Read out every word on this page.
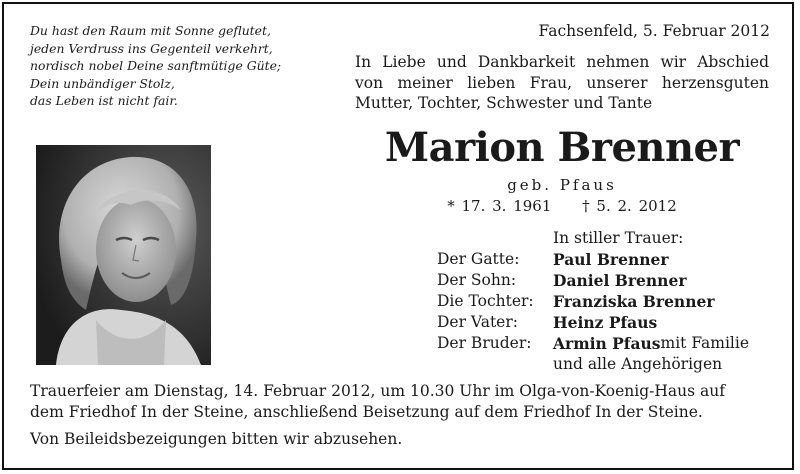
Du hast den Raum mit Sonne geflutet,
jeden Verdruss ins Gegenteil verkehrt,
nordisch nobel Deine sanftmütige Güte;
Dein unbändiger Stolz,
das Leben ist nicht fair.
Fachsenfeld, 5. Februar 2012
In Liebe und Dankbarkeit nehmen wir Abschied
von meiner lieben Frau, unserer herzensguten
Mutter, Tochter, Schwester und Tante
Marion Brenner
geb. Pfaus
* 17. 3. 1961 † 5. 2. 2012
In stiller Trauer:
Der Gatte:	Paul Brenner
Der Sohn:	Daniel Brenner
Die Tochter:	Franziska Brenner
Der Vater:	Heinz Pfaus
Der Bruder:	Armin Pfaus mit Familie
und alle Angehörigen
Trauerfeier am Dienstag, 14. Februar 2012, um 10.30 Uhr im Olga-von-Koenig-Haus auf
dem Friedhof In der Steine, anschließend Beisetzung auf dem Friedhof In der Steine.
Von Beileidsbezeigungen bitten wir abzusehen.
